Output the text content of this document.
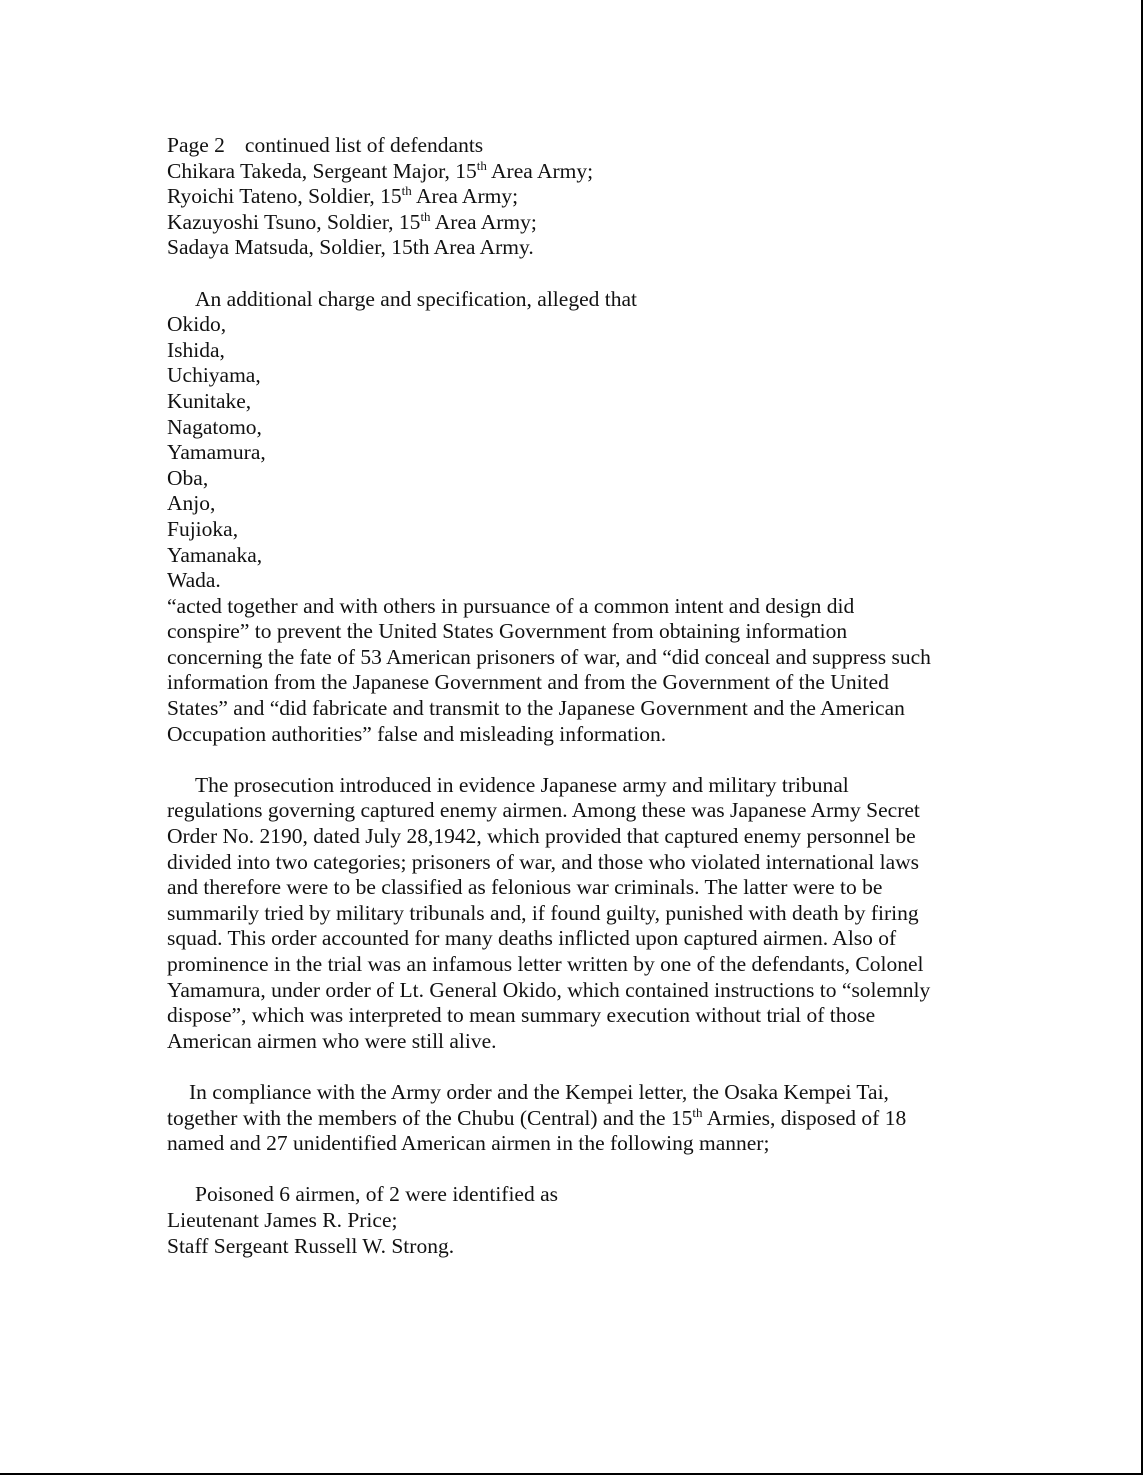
Page 2 continued list of defendants
Chikara Takeda, Sergeant Major, 15th Area Army;
Ryoichi Tateno, Soldier, 15th Area Army;
Kazuyoshi Tsuno, Soldier, 15th Area Army;
Sadaya Matsuda, Soldier, 15th Area Army.
An additional charge and specification, alleged that
Okido,
Ishida,
Uchiyama,
Kunitake,
Nagatomo,
Yamamura,
Oba,
Anjo,
Fujioka,
Yamanaka,
Wada.
“acted together and with others in pursuance of a common intent and design did
conspire” to prevent the United States Government from obtaining information
concerning the fate of 53 American prisoners of war, and “did conceal and suppress such
information from the Japanese Government and from the Government of the United
States” and “did fabricate and transmit to the Japanese Government and the American
Occupation authorities” false and misleading information.
The prosecution introduced in evidence Japanese army and military tribunal
regulations governing captured enemy airmen. Among these was Japanese Army Secret
Order No. 2190, dated July 28,1942, which provided that captured enemy personnel be
divided into two categories; prisoners of war, and those who violated international laws
and therefore were to be classified as felonious war criminals. The latter were to be
summarily tried by military tribunals and, if found guilty, punished with death by firing
squad. This order accounted for many deaths inflicted upon captured airmen. Also of
prominence in the trial was an infamous letter written by one of the defendants, Colonel
Yamamura, under order of Lt. General Okido, which contained instructions to “solemnly
dispose”, which was interpreted to mean summary execution without trial of those
American airmen who were still alive.
In compliance with the Army order and the Kempei letter, the Osaka Kempei Tai,
together with the members of the Chubu (Central) and the 15th Armies, disposed of 18
named and 27 unidentified American airmen in the following manner;
Poisoned 6 airmen, of 2 were identified as
Lieutenant James R. Price;
Staff Sergeant Russell W. Strong.
